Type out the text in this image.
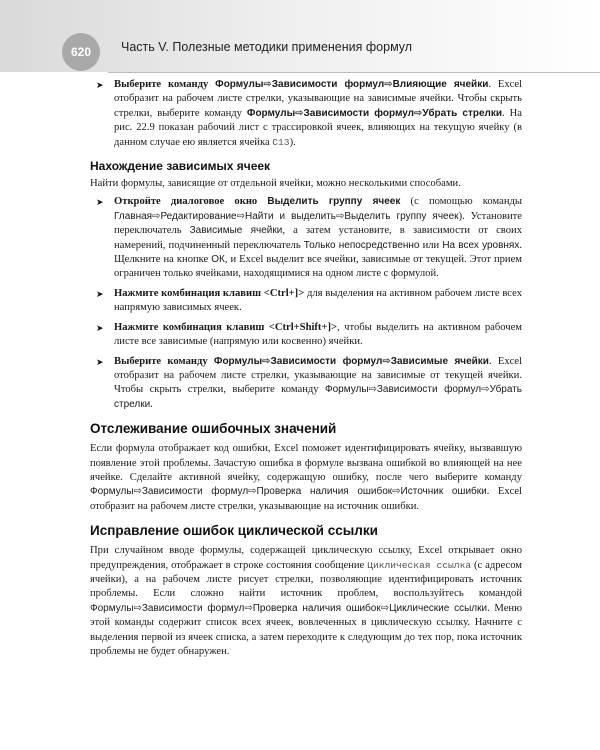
620 Часть V. Полезные методики применения формул
➤ Выберите команду Формулы⇨Зависимости формул⇨Влияющие ячейки. Excel отобразит на рабочем листе стрелки, указывающие на зависимые ячейки. Чтобы скрыть стрелки, выберите команду Формулы⇨Зависимости формул⇨Убрать стрелки. На рис. 22.9 показан рабочий лист с трассировкой ячеек, влияющих на текущую ячейку (в данном случае ею является ячейка C13).
Нахождение зависимых ячеек

Найти формулы, зависящие от отдельной ячейки, можно несколькими способами.

➤ Откройте диалоговое окно Выделить группу ячеек (с помощью команды Главная⇨Редактирование⇨Найти и выделить⇨Выделить группу ячеек). Установите переключатель Зависимые ячейки, а затем установите, в зависимости от своих намерений, подчиненный переключатель Только непосредственно или На всех уровнях. Щелкните на кнопке ОК, и Excel выделит все ячейки, зависимые от текущей. Этот прием ограничен только ячейками, находящимися на одном листе с формулой.
➤ Нажмите комбинация клавиш <Ctrl+]> для выделения на активном рабочем листе всех напрямую зависимых ячеек.
➤ Нажмите комбинация клавиш <Ctrl+Shift+]>, чтобы выделить на активном рабочем листе все зависимые (напрямую или косвенно) ячейки.
➤ Выберите команду Формулы⇨Зависимости формул⇨Зависимые ячейки. Excel отобразит на рабочем листе стрелки, указывающие на зависимые от текущей ячейки. Чтобы скрыть стрелки, выберите команду Формулы⇨Зависимости формул⇨Убрать стрелки.
Отслеживание ошибочных значений

Если формула отображает код ошибки, Excel поможет идентифицировать ячейку, вызвавшую появление этой проблемы. Зачастую ошибка в формуле вызвана ошибкой во влияющей на нее ячейке. Сделайте активной ячейку, содержащую ошибку, после чего выберите команду Формулы⇨Зависимости формул⇨Проверка наличия ошибок⇨Источник ошибки. Excel отобразит на рабочем листе стрелки, указывающие на источник ошибки.

Исправление ошибок циклической ссылки

При случайном вводе формулы, содержащей циклическую ссылку, Excel открывает окно предупреждения, отображает в строке состояния сообщение Циклическая ссылка (с адресом ячейки), а на рабочем листе рисует стрелки, позволяющие идентифицировать источник проблемы. Если сложно найти источник проблем, воспользуйтесь командой Формулы⇨Зависимости формул⇨Проверка наличия ошибок⇨Циклические ссылки. Меню этой команды содержит список всех ячеек, вовлеченных в циклическую ссылку. Начните с выделения первой из ячеек списка, а затем переходите к следующим до тех пор, пока источник проблемы не будет обнаружен.
